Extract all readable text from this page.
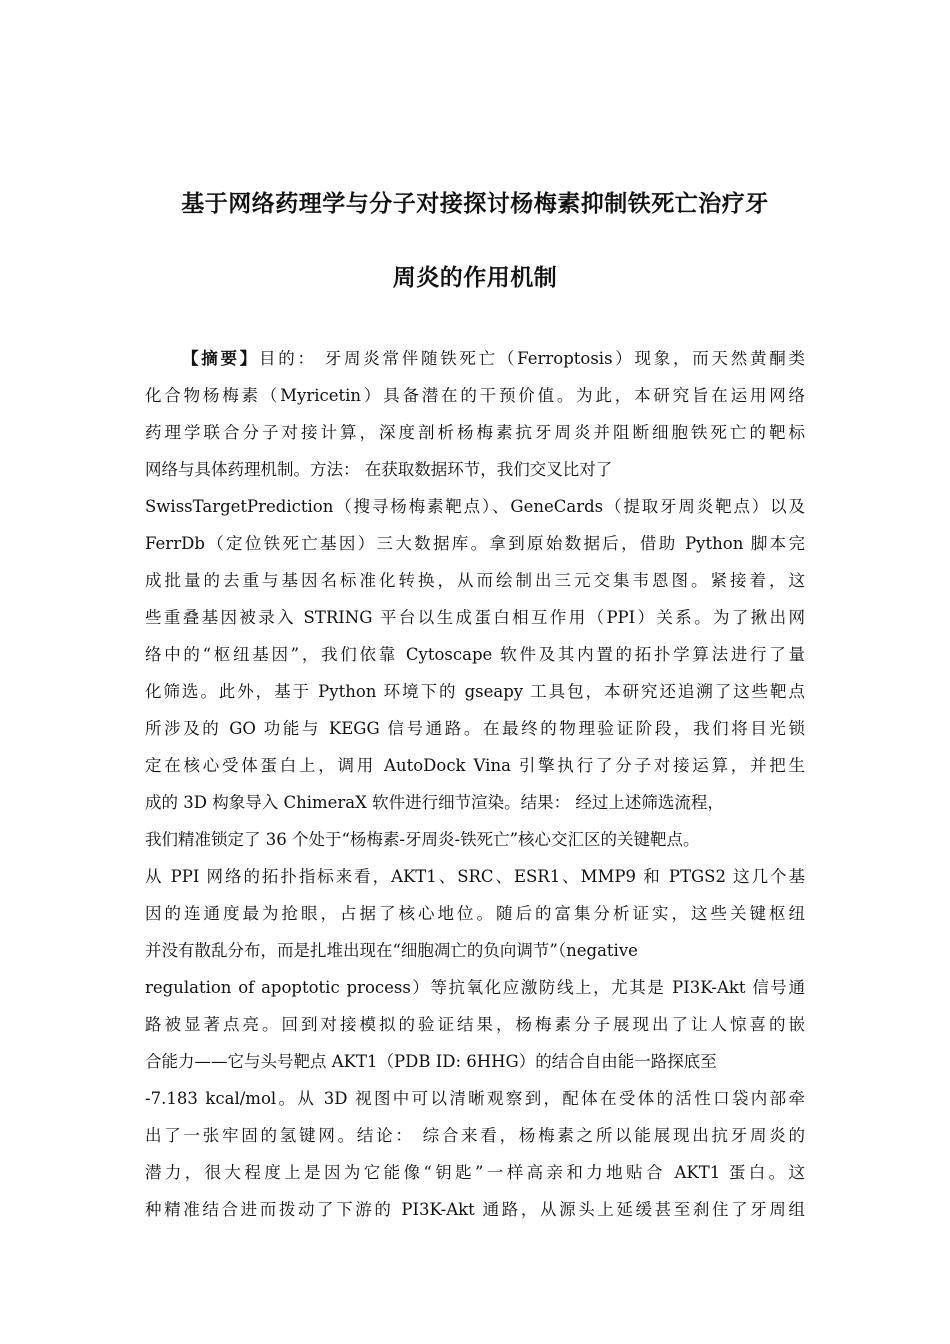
基于网络药理学与分子对接探讨杨梅素抑制铁死亡治疗牙
周炎的作用机制
【摘要】目的： 牙周炎常伴随铁死亡（Ferroptosis）现象，而天然黄酮类
化合物杨梅素（Myricetin）具备潜在的干预价值。为此，本研究旨在运用网络
药理学联合分子对接计算，深度剖析杨梅素抗牙周炎并阻断细胞铁死亡的靶标
网络与具体药理机制。方法： 在获取数据环节，我们交叉比对了
SwissTargetPrediction（搜寻杨梅素靶点）、GeneCards（提取牙周炎靶点）以及
FerrDb（定位铁死亡基因）三大数据库。拿到原始数据后，借助 Python 脚本完
成批量的去重与基因名标准化转换，从而绘制出三元交集韦恩图。紧接着，这
些重叠基因被录入 STRING 平台以生成蛋白相互作用（PPI）关系。为了揪出网
络中的“枢纽基因”，我们依靠 Cytoscape 软件及其内置的拓扑学算法进行了量
化筛选。此外，基于 Python 环境下的 gseapy 工具包，本研究还追溯了这些靶点
所涉及的 GO 功能与 KEGG 信号通路。在最终的物理验证阶段，我们将目光锁
定在核心受体蛋白上，调用 AutoDock Vina 引擎执行了分子对接运算，并把生
成的 3D 构象导入 ChimeraX 软件进行细节渲染。结果： 经过上述筛选流程，
我们精准锁定了 36 个处于“杨梅素-牙周炎-铁死亡”核心交汇区的关键靶点。
从 PPI 网络的拓扑指标来看，AKT1、SRC、ESR1、MMP9 和 PTGS2 这几个基
因的连通度最为抢眼，占据了核心地位。随后的富集分析证实，这些关键枢纽
并没有散乱分布，而是扎堆出现在“细胞凋亡的负向调节”（negative
regulation of apoptotic process）等抗氧化应激防线上，尤其是 PI3K-Akt 信号通
路被显著点亮。回到对接模拟的验证结果，杨梅素分子展现出了让人惊喜的嵌
合能力——它与头号靶点 AKT1（PDB ID: 6HHG）的结合自由能一路探底至
-7.183 kcal/mol。从 3D 视图中可以清晰观察到，配体在受体的活性口袋内部牵
出了一张牢固的氢键网。结论： 综合来看，杨梅素之所以能展现出抗牙周炎的
潜力，很大程度上是因为它能像“钥匙”一样高亲和力地贴合 AKT1 蛋白。这
种精准结合进而拨动了下游的 PI3K-Akt 通路，从源头上延缓甚至刹住了牙周组
